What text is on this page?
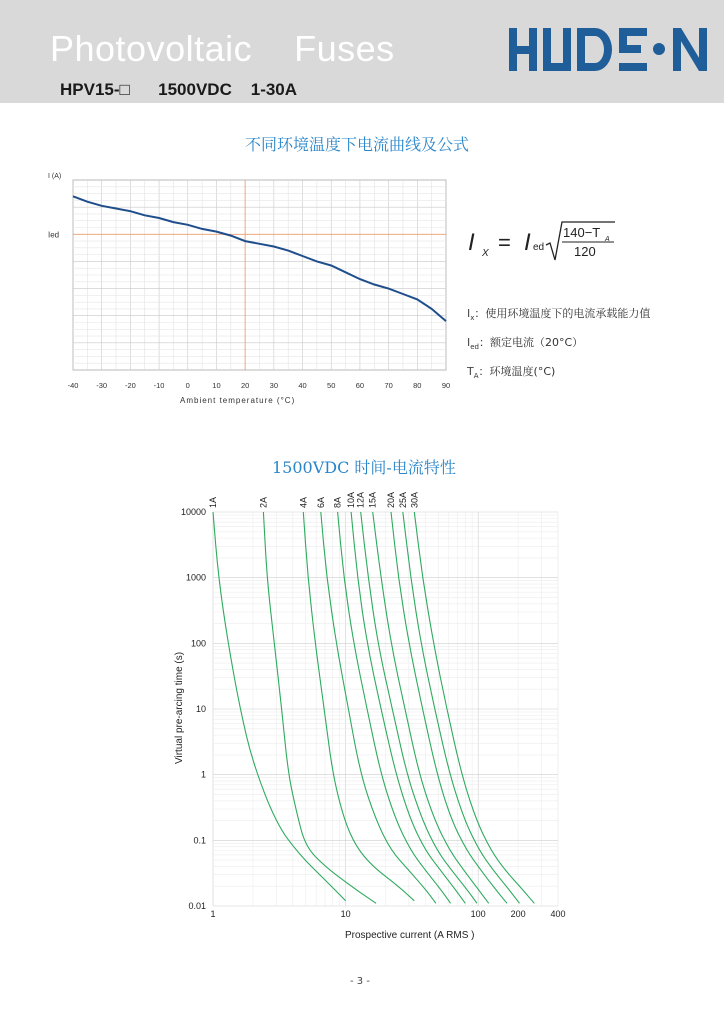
Photovoltaic    Fuses
HPV15-□      1500VDC    1-30A
HUDSON
不同环境温度下电流曲线及公式
-40 -30 -20 -10	0	10	20	30	40	50	60	70	80	90
I (A)
Ied
Ambient temperature (°C)
I X = I ed
140−T A
120
$I_x$：使用环境温度下的电流承载能力值
$I_{ed}$：额定电流（20°C）
$T_A$：环境温度(°C)
1500VDC 时间-电流特性
1A	2A	4A 6A 8A 10A 12A 15A 20A 25A 30A
0.01
0.1
1
10
100
1000
10000
1	10	100	200	400
Virtual pre-arcing time (s)
Prospective current (A RMS )
- 3 -
